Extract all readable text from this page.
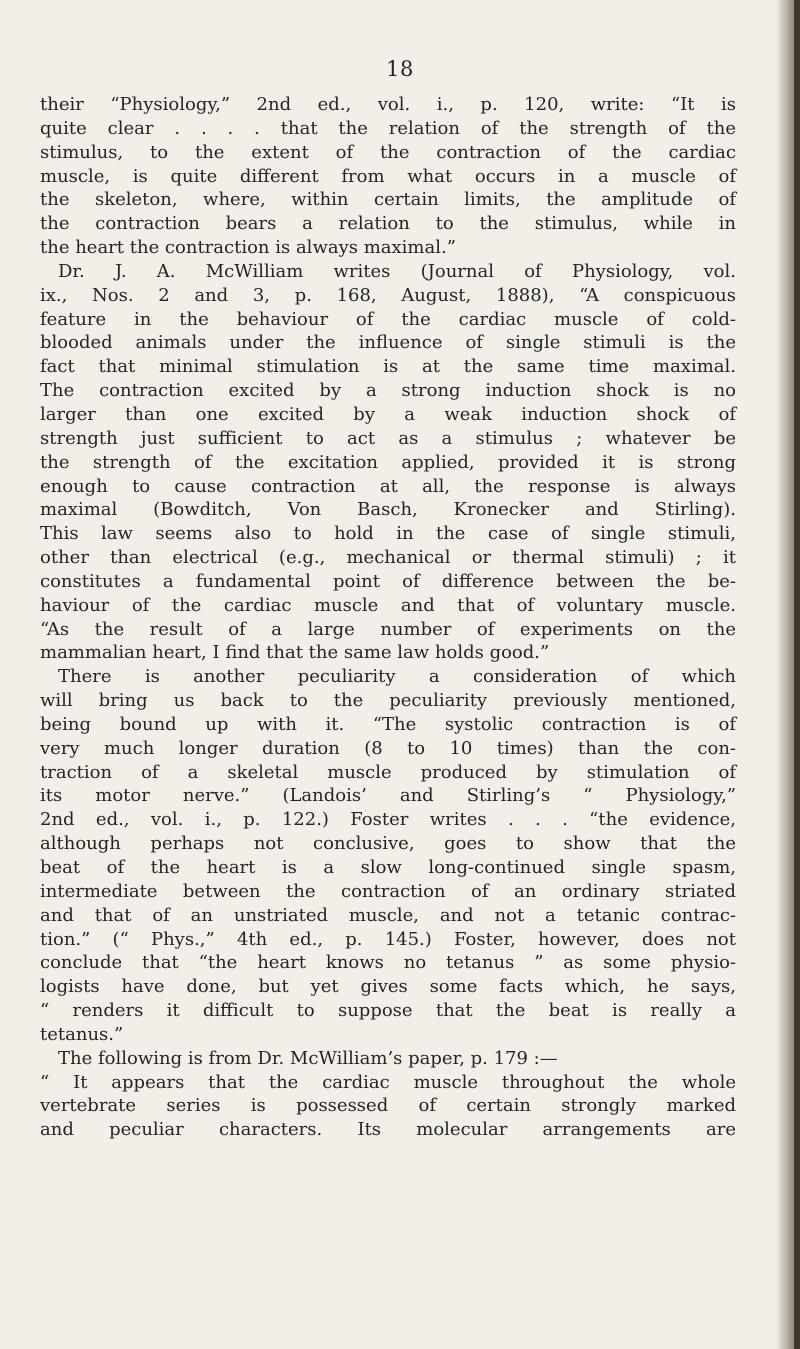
18
their “Physiology,” 2nd ed., vol. i., p. 120, write: “It is
quite clear . . . . that the relation of the strength of the
stimulus, to the extent of the contraction of the cardiac
muscle, is quite different from what occurs in a muscle of
the skeleton, where, within certain limits, the amplitude of
the contraction bears a relation to the stimulus, while in
the heart the contraction is always maximal.”
Dr. J. A. McWilliam writes (Journal of Physiology, vol.
ix., Nos. 2 and 3, p. 168, August, 1888), “A conspicuous
feature in the behaviour of the cardiac muscle of cold-
blooded animals under the influence of single stimuli is the
fact that minimal stimulation is at the same time maximal.
The contraction excited by a strong induction shock is no
larger than one excited by a weak induction shock of
strength just sufficient to act as a stimulus ; whatever be
the strength of the excitation applied, provided it is strong
enough to cause contraction at all, the response is always
maximal (Bowditch, Von Basch, Kronecker and Stirling).
This law seems also to hold in the case of single stimuli,
other than electrical (e.g., mechanical or thermal stimuli) ; it
constitutes a fundamental point of difference between the be-
haviour of the cardiac muscle and that of voluntary muscle.
“As the result of a large number of experiments on the
mammalian heart, I find that the same law holds good.”
There is another peculiarity a consideration of which
will bring us back to the peculiarity previously mentioned,
being bound up with it. “The systolic contraction is of
very much longer duration (8 to 10 times) than the con-
traction of a skeletal muscle produced by stimulation of
its motor nerve.” (Landois’ and Stirling’s “ Physiology,”
2nd ed., vol. i., p. 122.) Foster writes . . . “the evidence,
although perhaps not conclusive, goes to show that the
beat of the heart is a slow long-continued single spasm,
intermediate between the contraction of an ordinary striated
and that of an unstriated muscle, and not a tetanic contrac-
tion.” (“ Phys.,” 4th ed., p. 145.) Foster, however, does not
conclude that “the heart knows no tetanus ” as some physio-
logists have done, but yet gives some facts which, he says,
“ renders it difficult to suppose that the beat is really a
tetanus.”
The following is from Dr. McWilliam’s paper, p. 179 :—
“ It appears that the cardiac muscle throughout the whole
vertebrate series is possessed of certain strongly marked
and peculiar characters. Its molecular arrangements are
